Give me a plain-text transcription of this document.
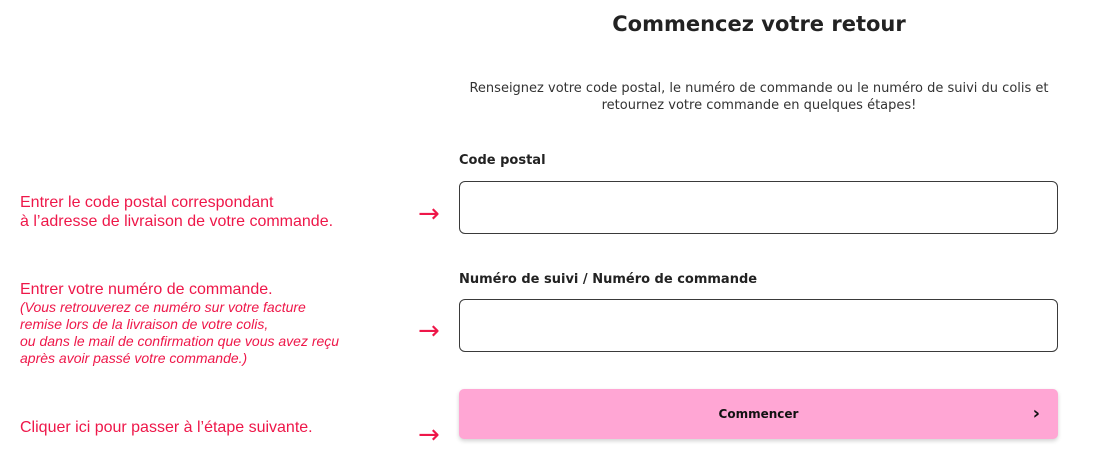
Commencez votre retour
Renseignez votre code postal, le numéro de commande ou le numéro de suivi du colis et
retournez votre commande en quelques étapes!
Code postal
Numéro de suivi / Numéro de commande
Commencer	›
Entrer le code postal correspondant
à l’adresse de livraison de votre commande.	→
Entrer votre numéro de commande.
(Vous retrouverez ce numéro sur votre facture
remise lors de la livraison de votre colis,
ou dans le mail de confirmation que vous avez reçu
après avoir passé votre commande.)
→
Cliquer ici pour passer à l’étape suivante.	→
